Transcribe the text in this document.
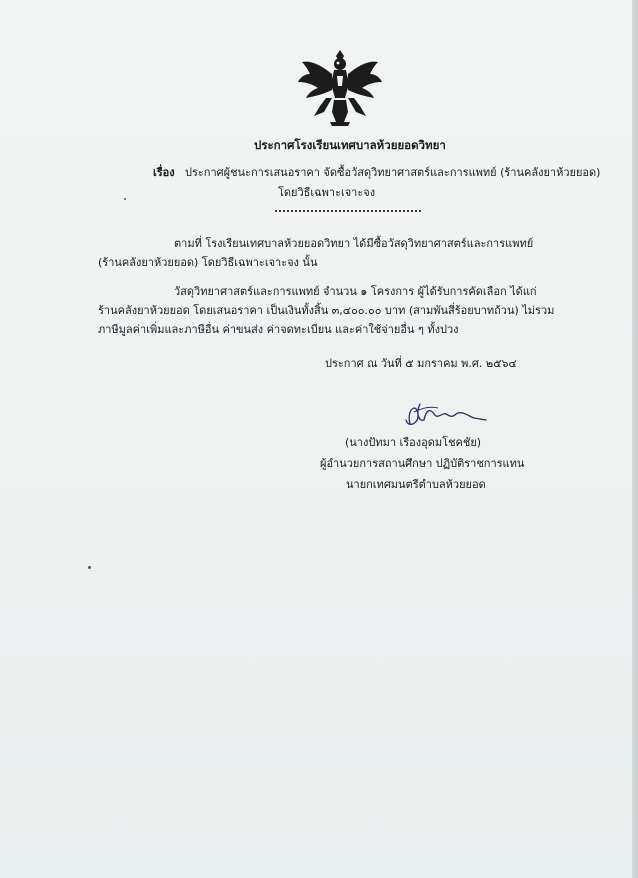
ประกาศโรงเรียนเทศบาลห้วยยอดวิทยา
เรื่อง ประกาศผู้ชนะการเสนอราคา จัดซื้อวัสดุวิทยาศาสตร์และการแพทย์ (ร้านคลังยาห้วยยอด)
โดยวิธีเฉพาะเจาะจง
ตามที่ โรงเรียนเทศบาลห้วยยอดวิทยา ได้มีซื้อวัสดุวิทยาศาสตร์และการแพทย์
(ร้านคลังยาห้วยยอด) โดยวิธีเฉพาะเจาะจง นั้น
วัสดุวิทยาศาสตร์และการแพทย์ จำนวน ๑ โครงการ ผู้ได้รับการคัดเลือก ได้แก่
ร้านคลังยาห้วยยอด โดยเสนอราคา เป็นเงินทั้งสิ้น ๓,๔๐๐.๐๐ บาท (สามพันสี่ร้อยบาทถ้วน) ไม่รวม
ภาษีมูลค่าเพิ่มและภาษีอื่น ค่าขนส่ง ค่าจดทะเบียน และค่าใช้จ่ายอื่น ๆ ทั้งปวง
ประกาศ ณ วันที่ ๕ มกราคม พ.ศ. ๒๕๖๔
(นางปัทมา เรืองอุดมโชคชัย)
ผู้อำนวยการสถานศึกษา ปฏิบัติราชการแทน
นายกเทศมนตรีตำบลห้วยยอด
